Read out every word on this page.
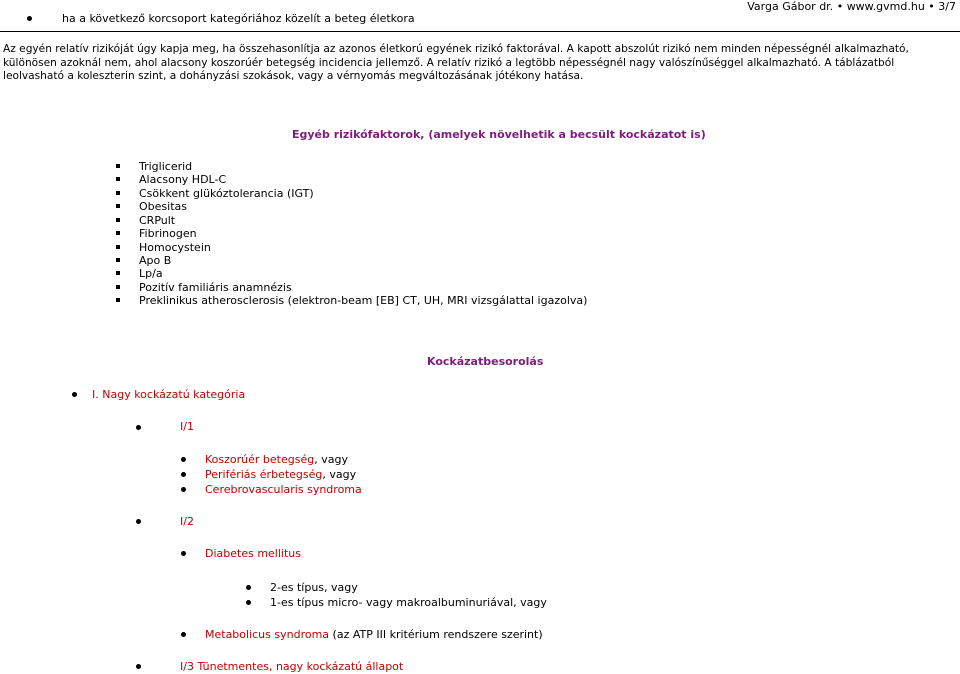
ha a következő korcsoport kategóriához közelít a beteg életkora
Varga Gábor dr. • www.gvmd.hu • 3/7
Az egyén relatív rizikóját úgy kapja meg, ha összehasonlítja az azonos életkorú egyének rizikó faktorával. A kapott abszolút rizikó nem minden népességnél alkalmazható, különösen azoknál nem, ahol alacsony koszorúér betegség incidencia jellemző. A relatív rizikó a legtöbb népességnél nagy valószínűséggel alkalmazható. A táblázatból leolvasható a koleszterin szint, a dohányzási szokások, vagy a vérnyomás megváltozásának jótékony hatása.
Egyéb rizikófaktorok, (amelyek növelhetik a becsült kockázatot is)
Triglicerid
Alacsony HDL-C
Csökkent glükóztolerancia (IGT)
Obesitas
CRPult
Fibrinogen
Homocystein
Apo B
Lp/a
Pozitív familiáris anamnézis
Preklinikus atherosclerosis (elektron-beam [EB] CT, UH, MRI vizsgálattal igazolva)
Kockázatbesorolás
I. Nagy kockázatú kategória
I/1
Koszorúér betegség, vagy
Perifériás érbetegség, vagy
Cerebrovascularis syndroma
I/2
Diabetes mellitus
2-es típus, vagy
1-es típus micro- vagy makroalbuminuriával, vagy
Metabolicus syndroma (az ATP III kritérium rendszere szerint)
I/3 Tünetmentes, nagy kockázatú állapot
